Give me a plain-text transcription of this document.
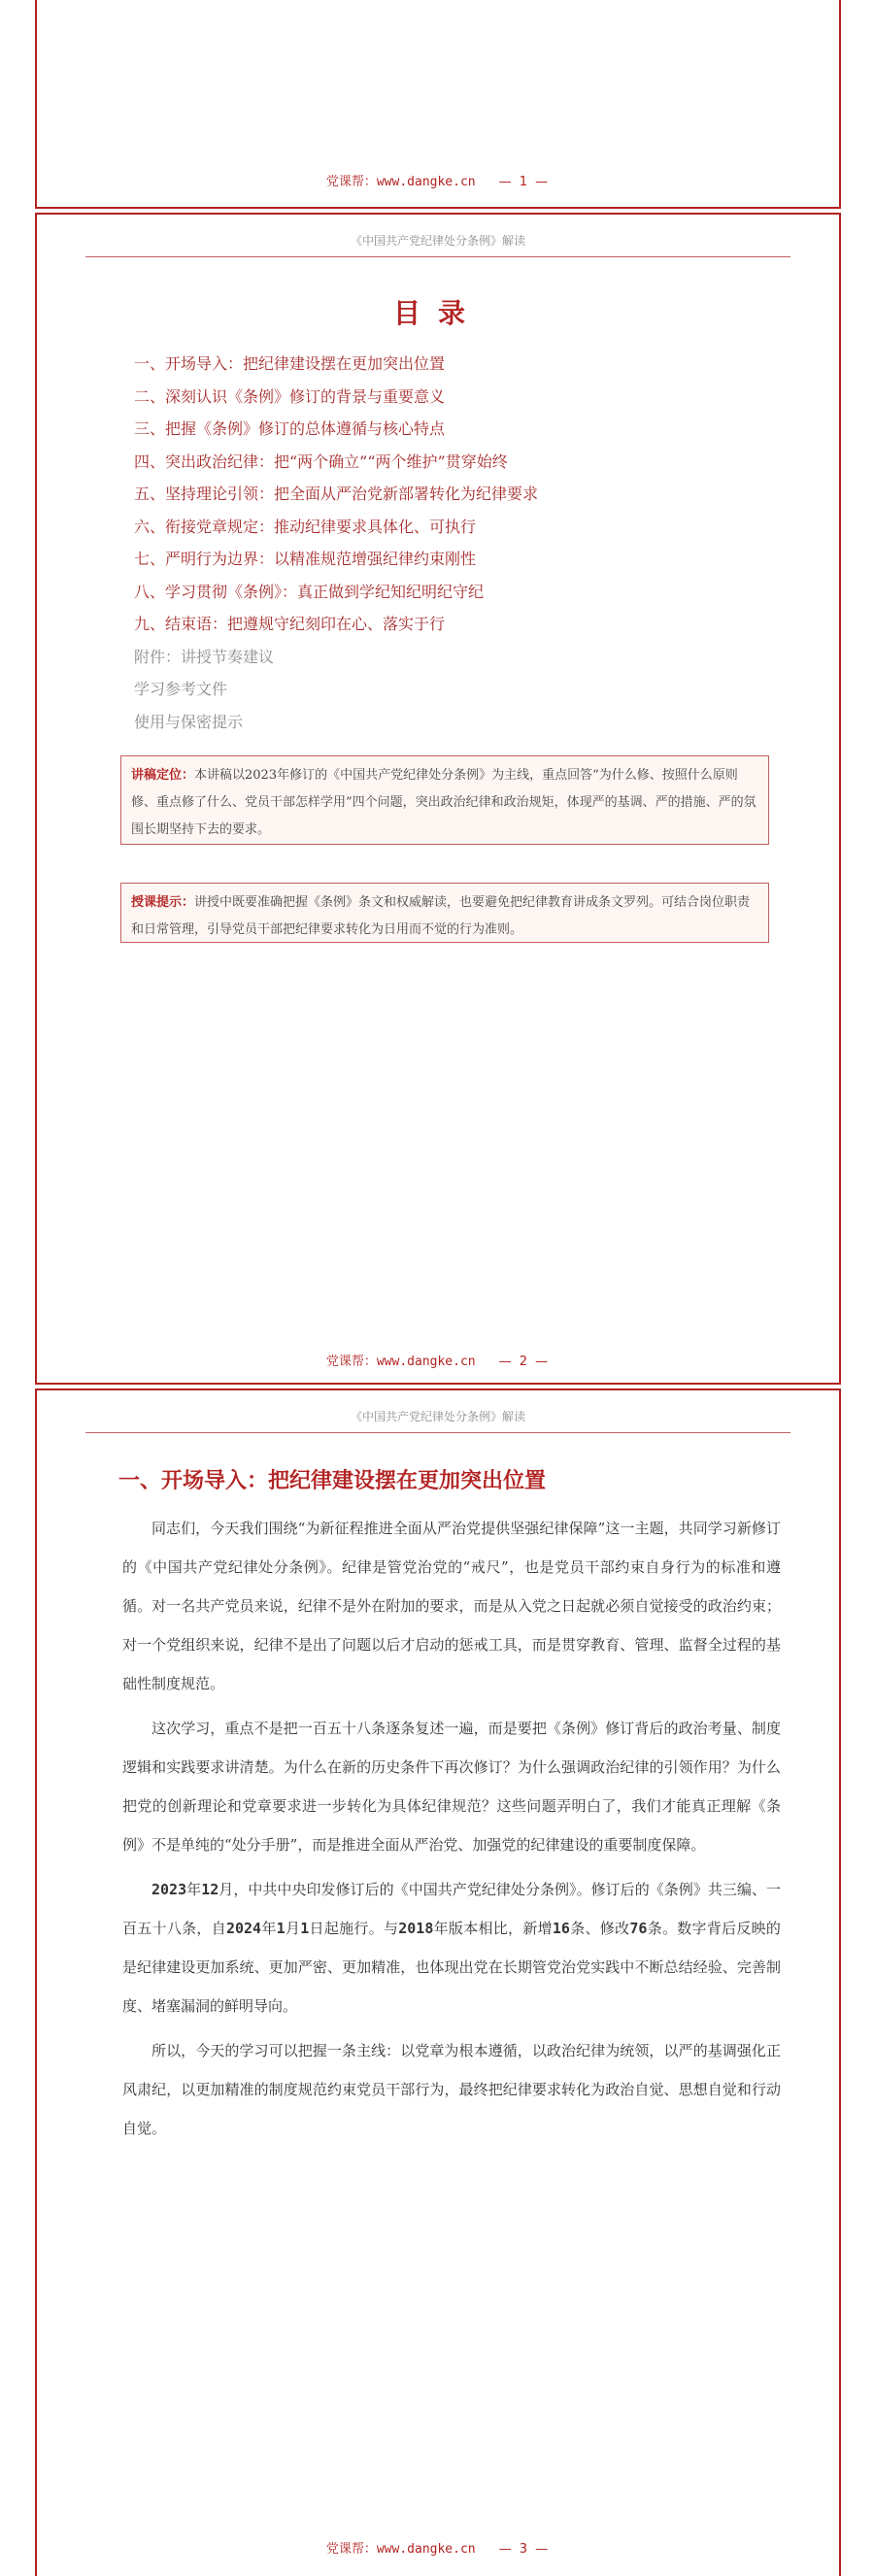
党课帮：www.dangke.cn — 1 —
《中国共产党纪律处分条例》解读
目录
一、开场导入：把纪律建设摆在更加突出位置
二、深刻认识《条例》修订的背景与重要意义
三、把握《条例》修订的总体遵循与核心特点
四、突出政治纪律：把“两个确立”“两个维护”贯穿始终
五、坚持理论引领：把全面从严治党新部署转化为纪律要求
六、衔接党章规定：推动纪律要求具体化、可执行
七、严明行为边界：以精准规范增强纪律约束刚性
八、学习贯彻《条例》：真正做到学纪知纪明纪守纪
九、结束语：把遵规守纪刻印在心、落实于行
附件：讲授节奏建议
学习参考文件
使用与保密提示
讲稿定位：本讲稿以2023年修订的《中国共产党纪律处分条例》为主线，重点回答“为什么修、按照什么原则修、重点修了什么、党员干部怎样学用”四个问题，突出政治纪律和政治规矩，体现严的基调、严的措施、严的氛围长期坚持下去的要求。
授课提示：讲授中既要准确把握《条例》条文和权威解读，也要避免把纪律教育讲成条文罗列。可结合岗位职责和日常管理，引导党员干部把纪律要求转化为日用而不觉的行为准则。
党课帮：www.dangke.cn — 2 —
《中国共产党纪律处分条例》解读
一、开场导入：把纪律建设摆在更加突出位置

同志们，今天我们围绕“为新征程推进全面从严治党提供坚强纪律保障”这一主题，共同学习新修订的《中国共产党纪律处分条例》。纪律是管党治党的“戒尺”，也是党员干部约束自身行为的标准和遵循。对一名共产党员来说，纪律不是外在附加的要求，而是从入党之日起就必须自觉接受的政治约束；对一个党组织来说，纪律不是出了问题以后才启动的惩戒工具，而是贯穿教育、管理、监督全过程的基础性制度规范。

这次学习，重点不是把一百五十八条逐条复述一遍，而是要把《条例》修订背后的政治考量、制度逻辑和实践要求讲清楚。为什么在新的历史条件下再次修订？为什么强调政治纪律的引领作用？为什么把党的创新理论和党章要求进一步转化为具体纪律规范？这些问题弄明白了，我们才能真正理解《条例》不是单纯的“处分手册”，而是推进全面从严治党、加强党的纪律建设的重要制度保障。

2023年12月，中共中央印发修订后的《中国共产党纪律处分条例》。修订后的《条例》共三编、一百五十八条，自2024年1月1日起施行。与2018年版本相比，新增16条、修改76条。数字背后反映的是纪律建设更加系统、更加严密、更加精准，也体现出党在长期管党治党实践中不断总结经验、完善制度、堵塞漏洞的鲜明导向。

所以，今天的学习可以把握一条主线：以党章为根本遵循，以政治纪律为统领，以严的基调强化正风肃纪，以更加精准的制度规范约束党员干部行为，最终把纪律要求转化为政治自觉、思想自觉和行动自觉。

党课帮：www.dangke.cn — 3 —
